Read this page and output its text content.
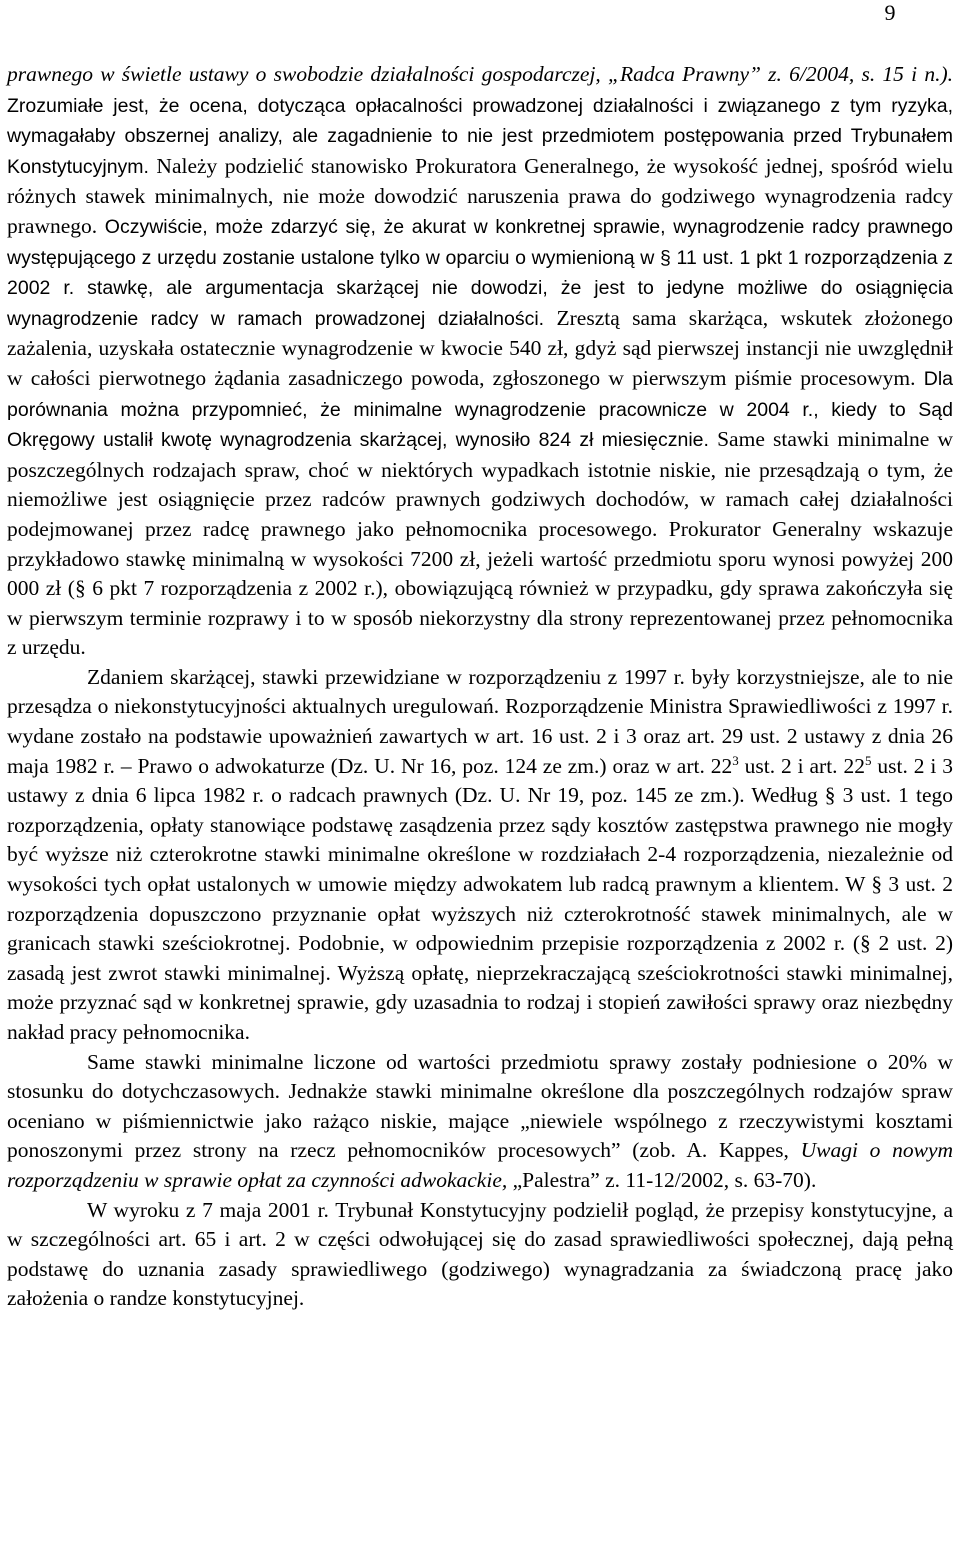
9

prawnego w świetle ustawy o swobodzie działalności gospodarczej, „Radca Prawny” z. 6/2004, s. 15 i n.). Zrozumiałe jest, że ocena, dotycząca opłacalności prowadzonej działalności i związanego z tym ryzyka, wymagałaby obszernej analizy, ale zagadnienie to nie jest przedmiotem postępowania przed Trybunałem Konstytucyjnym. Należy podzielić stanowisko Prokuratora Generalnego, że wysokość jednej, spośród wielu różnych stawek minimalnych, nie może dowodzić naruszenia prawa do godziwego wynagrodzenia radcy prawnego. Oczywiście, może zdarzyć się, że akurat w konkretnej sprawie, wynagrodzenie radcy prawnego występującego z urzędu zostanie ustalone tylko w oparciu o wymienioną w § 11 ust. 1 pkt 1 rozporządzenia z 2002 r. stawkę, ale argumentacja skarżącej nie dowodzi, że jest to jedyne możliwe do osiągnięcia wynagrodzenie radcy w ramach prowadzonej działalności. Zresztą sama skarżąca, wskutek złożonego zażalenia, uzyskała ostatecznie wynagrodzenie w kwocie 540 zł, gdyż sąd pierwszej instancji nie uwzględnił w całości pierwotnego żądania zasadniczego powoda, zgłoszonego w pierwszym piśmie procesowym. Dla porównania można przypomnieć, że minimalne wynagrodzenie pracownicze w 2004 r., kiedy to Sąd Okręgowy ustalił kwotę wynagrodzenia skarżącej, wynosiło 824 zł miesięcznie. Same stawki minimalne w poszczególnych rodzajach spraw, choć w niektórych wypadkach istotnie niskie, nie przesądzają o tym, że niemożliwe jest osiągnięcie przez radców prawnych godziwych dochodów, w ramach całej działalności podejmowanej przez radcę prawnego jako pełnomocnika procesowego. Prokurator Generalny wskazuje przykładowo stawkę minimalną w wysokości 7200 zł, jeżeli wartość przedmiotu sporu wynosi powyżej 200 000 zł (§ 6 pkt 7 rozporządzenia z 2002 r.), obowiązującą również w przypadku, gdy sprawa zakończyła się w pierwszym terminie rozprawy i to w sposób niekorzystny dla strony reprezentowanej przez pełnomocnika z urzędu.

Zdaniem skarżącej, stawki przewidziane w rozporządzeniu z 1997 r. były korzystniejsze, ale to nie przesądza o niekonstytucyjności aktualnych uregulowań. Rozporządzenie Ministra Sprawiedliwości z 1997 r. wydane zostało na podstawie upoważnień zawartych w art. 16 ust. 2 i 3 oraz art. 29 ust. 2 ustawy z dnia 26 maja 1982 r. – Prawo o adwokaturze (Dz. U. Nr 16, poz. 124 ze zm.) oraz w art. $22^3$ ust. 2 i art. $22^5$ ust. 2 i 3 ustawy z dnia 6 lipca 1982 r. o radcach prawnych (Dz. U. Nr 19, poz. 145 ze zm.). Według § 3 ust. 1 tego rozporządzenia, opłaty stanowiące podstawę zasądzenia przez sądy kosztów zastępstwa prawnego nie mogły być wyższe niż czterokrotne stawki minimalne określone w rozdziałach 2-4 rozporządzenia, niezależnie od wysokości tych opłat ustalonych w umowie między adwokatem lub radcą prawnym a klientem. W § 3 ust. 2 rozporządzenia dopuszczono przyznanie opłat wyższych niż czterokrotność stawek minimalnych, ale w granicach stawki sześciokrotnej. Podobnie, w odpowiednim przepisie rozporządzenia z 2002 r. (§ 2 ust. 2) zasadą jest zwrot stawki minimalnej. Wyższą opłatę, nieprzekraczającą sześciokrotności stawki minimalnej, może przyznać sąd w konkretnej sprawie, gdy uzasadnia to rodzaj i stopień zawiłości sprawy oraz niezbędny nakład pracy pełnomocnika.

Same stawki minimalne liczone od wartości przedmiotu sprawy zostały podniesione o 20% w stosunku do dotychczasowych. Jednakże stawki minimalne określone dla poszczególnych rodzajów spraw oceniano w piśmiennictwie jako rażąco niskie, mające „niewiele wspólnego z rzeczywistymi kosztami ponoszonymi przez strony na rzecz pełnomocników procesowych” (zob. A. Kappes, Uwagi o nowym rozporządzeniu w sprawie opłat za czynności adwokackie, „Palestra” z. 11-12/2002, s. 63-70).

W wyroku z 7 maja 2001 r. Trybunał Konstytucyjny podzielił pogląd, że przepisy konstytucyjne, a w szczególności art. 65 i art. 2 w części odwołującej się do zasad sprawiedliwości społecznej, dają pełną podstawę do uznania zasady sprawiedliwego (godziwego) wynagradzania za świadczoną pracę jako założenia o randze konstytucyjnej.
